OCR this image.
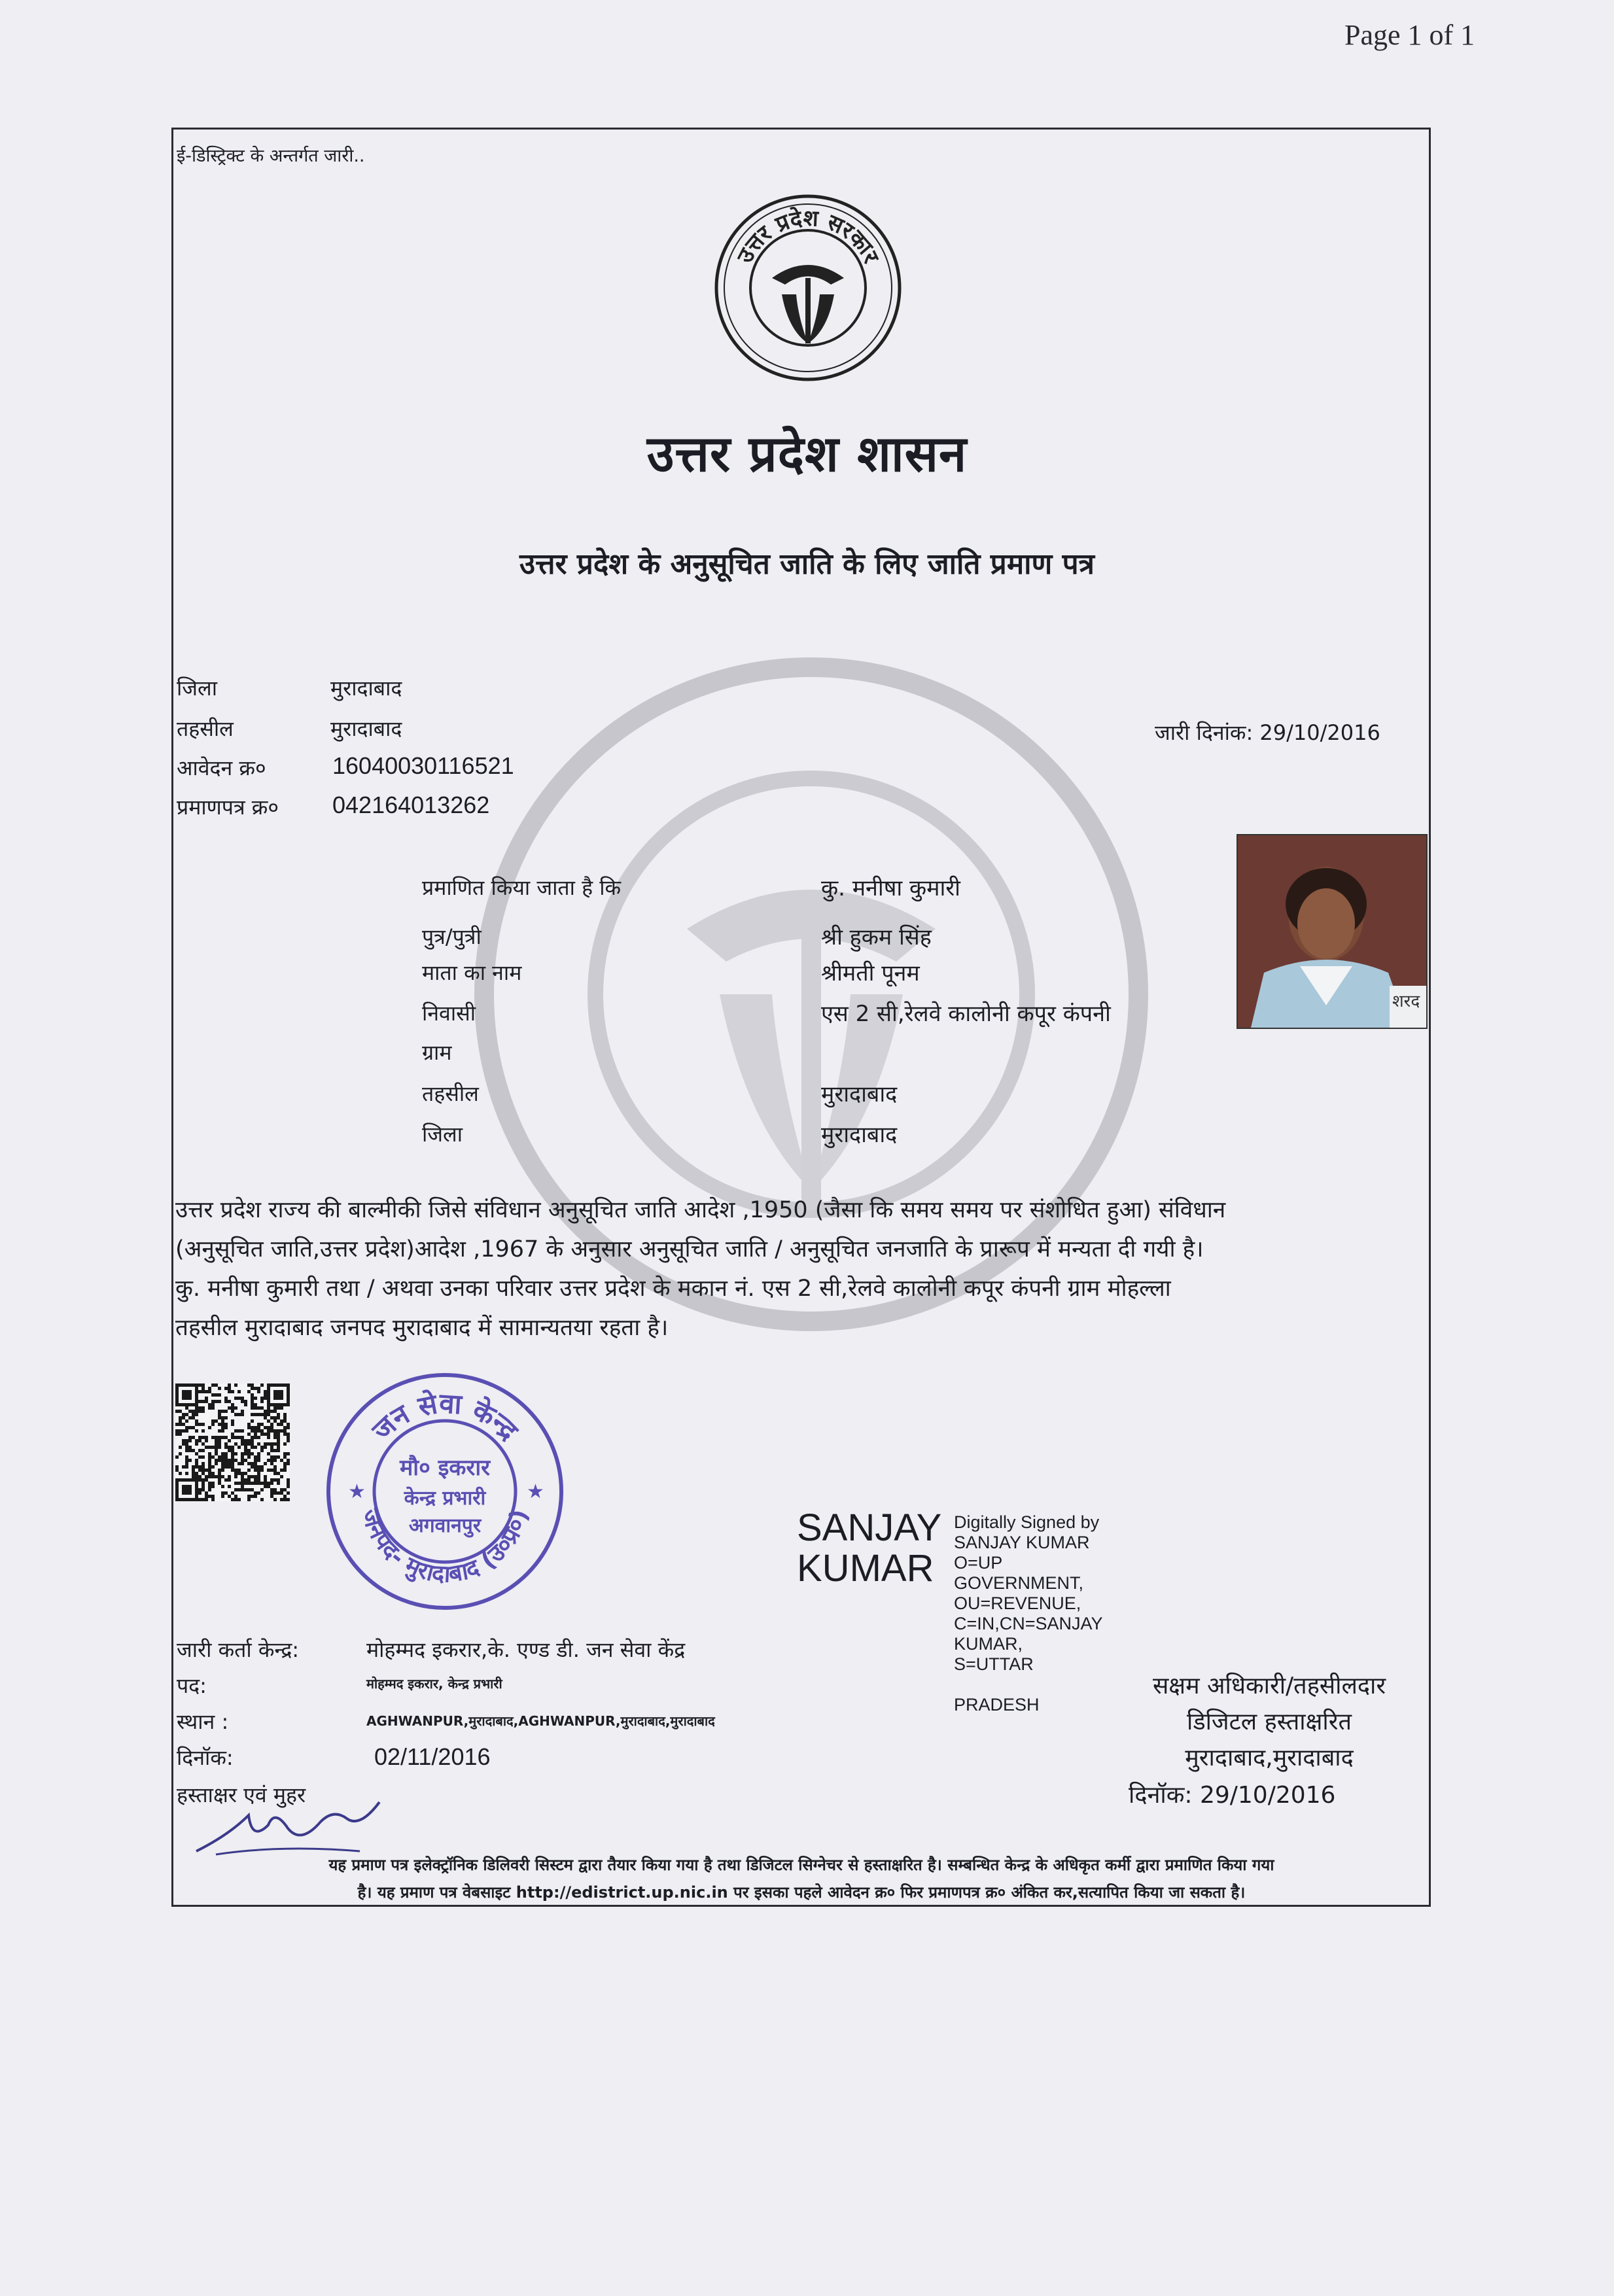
Page 1 of 1
ई-डिस्ट्रिक्ट के अन्तर्गत जारी..
उत्तर प्रदेश सरकार
उत्तर प्रदेश शासन
उत्तर प्रदेश के अनुसूचित जाति के लिए जाति प्रमाण पत्र
जिला	मुरादाबाद
तहसील	मुरादाबाद
आवेदन क्र०	16040030116521
प्रमाणपत्र क्र० 042164013262
जारी दिनांक: 29/10/2016
प्रमाणित किया जाता है कि	कु. मनीषा कुमारी
पुत्र/पुत्री	श्री हुकम सिंह
माता का नाम	श्रीमती पूनम
निवासी	एस 2 सी,रेलवे कालोनी कपूर कंपनी
ग्राम
तहसील	मुरादाबाद
जिला	मुरादाबाद
शरद

उत्तर प्रदेश राज्य की बाल्मीकी जिसे संविधान अनुसूचित जाति आदेश ,1950 (जैसा कि समय समय पर संशोधित हुआ) संविधान

(अनुसूचित जाति,उत्तर प्रदेश)आदेश ,1967 के अनुसार अनुसूचित जाति / अनुसूचित जनजाति के प्रारूप में मन्यता दी गयी है।

कु. मनीषा कुमारी तथा / अथवा उनका परिवार उत्तर प्रदेश के मकान नं. एस 2 सी,रेलवे कालोनी कपूर कंपनी ग्राम मोहल्ला

तहसील मुरादाबाद जनपद मुरादाबाद में सामान्यतया रहता है।

जन सेवा केन्द्र
जनपद- मुरादाबाद (उ०प्र०)
मौ० इकरार
केन्द्र प्रभारी
अगवानपुर
★	★
जारी कर्ता केन्द्र:	मोहम्मद इकरार,के. एण्ड डी. जन सेवा केंद्र
पद:	मोहम्मद इकरार, केन्द्र प्रभारी
स्थान :	AGHWANPUR,मुरादाबाद,AGHWANPUR,मुरादाबाद,मुरादाबाद
दिनॉक:	02/11/2016
हस्ताक्षर एवं मुहर
SANJAY
KUMAR
Digitally Signed by
SANJAY KUMAR
O=UP
GOVERNMENT,
OU=REVENUE,
C=IN,CN=SANJAY
KUMAR,
S=UTTAR
PRADESH
सक्षम अधिकारी/तहसीलदार
डिजिटल हस्ताक्षरित
मुरादाबाद,मुरादाबाद
दिनॉक: 29/10/2016

यह प्रमाण पत्र इलेक्ट्रॉनिक डिलिवरी सिस्टम द्वारा तैयार किया गया है तथा डिजिटल सिग्नेचर से हस्ताक्षरित है। सम्बन्धित केन्द्र के अधिकृत कर्मी द्वारा प्रमाणित किया गया

है। यह प्रमाण पत्र वेबसाइट http://edistrict.up.nic.in पर इसका पहले आवेदन क्र० फिर प्रमाणपत्र क्र० अंकित कर,सत्यापित किया जा सकता है।
